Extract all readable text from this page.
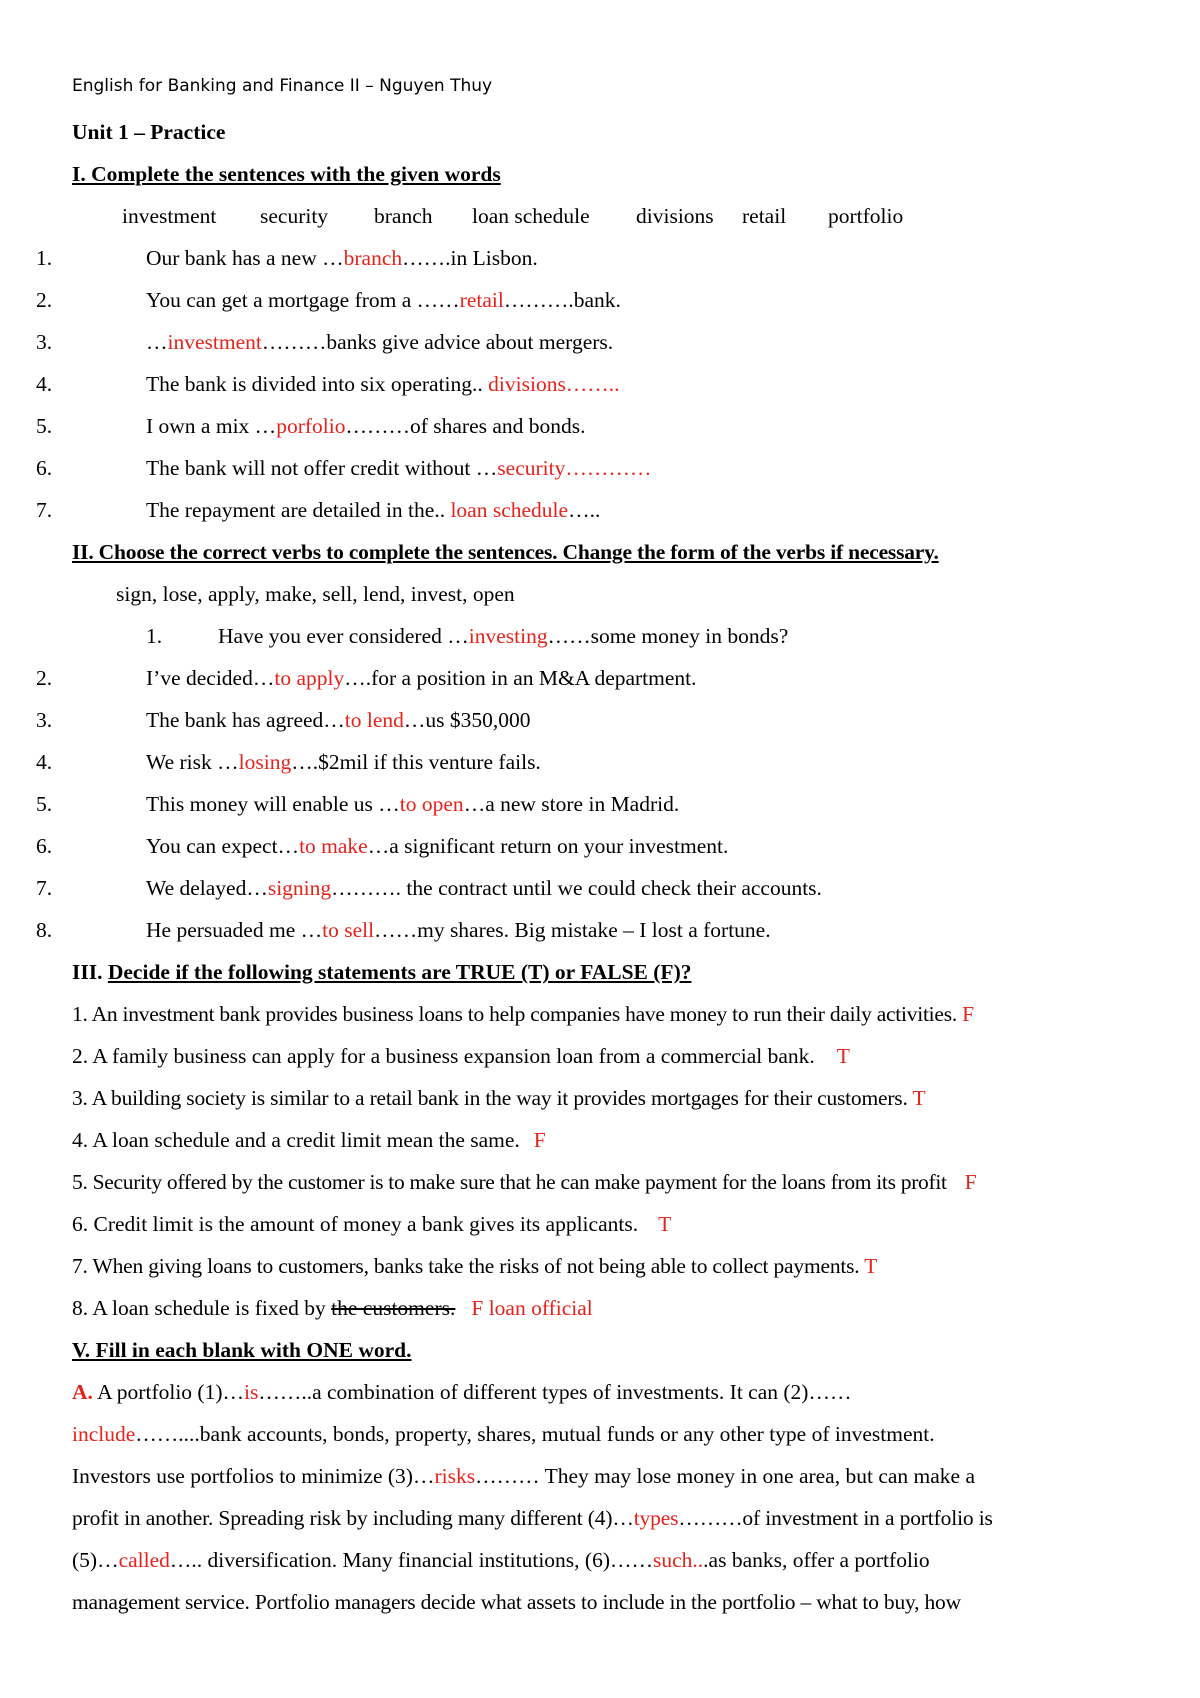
English for Banking and Finance II – Nguyen Thuy
Unit 1 – Practice
I. Complete the sentences with the given words
investment security branch loan schedule divisions retail portfolio
1.	Our bank has a new …branch…….in Lisbon.
2.	You can get a mortgage from a ……retail……….bank.
3.	…investment………banks give advice about mergers.
4.	The bank is divided into six operating.. divisions……..
5.	I own a mix …porfolio………of shares and bonds.
6.	The bank will not offer credit without …security…………
7.	The repayment are detailed in the.. loan schedule…..
II. Choose the correct verbs to complete the sentences. Change the form of the verbs if necessary.
sign, lose, apply, make, sell, lend, invest, open
1.	Have you ever considered …investing……some money in bonds?
2.	I’ve decided…to apply….for a position in an M&A department.
3.	The bank has agreed…to lend…us $350,000
4.	We risk …losing….$2mil if this venture fails.
5.	This money will enable us …to open…a new store in Madrid.
6.	You can expect…to make…a significant return on your investment.
7.	We delayed…signing………. the contract until we could check their accounts.
8.	He persuaded me …to sell……my shares. Big mistake – I lost a fortune.
III. Decide if the following statements are TRUE (T) or FALSE (F)?
1. An investment bank provides business loans to help companies have money to run their daily activities. F
2. A family business can apply for a business expansion loan from a commercial bank. T
3. A building society is similar to a retail bank in the way it provides mortgages for their customers. T
4. A loan schedule and a credit limit mean the same. F
5. Security offered by the customer is to make sure that he can make payment for the loans from its profit F
6. Credit limit is the amount of money a bank gives its applicants. T
7. When giving loans to customers, banks take the risks of not being able to collect payments. T
8. A loan schedule is fixed by the customers. F loan official
V. Fill in each blank with ONE word.
A. A portfolio (1)…is……..a combination of different types of investments. It can (2)……
include……....bank accounts, bonds, property, shares, mutual funds or any other type of investment.
Investors use portfolios to minimize (3)…risks……… They may lose money in one area, but can make a
profit in another. Spreading risk by including many different (4)…types………of investment in a portfolio is
(5)…called….. diversification. Many financial institutions, (6)……such...as banks, offer a portfolio
management service. Portfolio managers decide what assets to include in the portfolio – what to buy, how
